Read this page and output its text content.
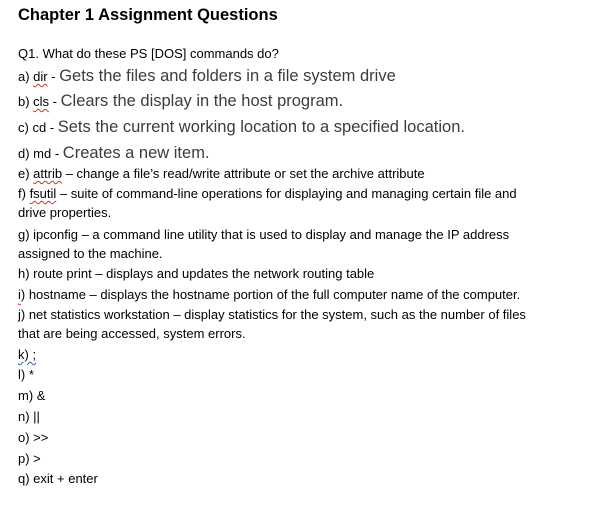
Chapter 1 Assignment Questions
Q1. What do these PS [DOS] commands do?
a) dir - Gets the files and folders in a file system drive
b) cls - Clears the display in the host program.
c) cd - Sets the current working location to a specified location.
d) md - Creates a new item.
e) attrib – change a file’s read/write attribute or set the archive attribute
f) fsutil – suite of command-line operations for displaying and managing certain file and
drive properties.
g) ipconfig – a command line utility that is used to display and manage the IP address
assigned to the machine.
h) route print – displays and updates the network routing table
i) hostname – displays the hostname portion of the full computer name of the computer.
j) net statistics workstation – display statistics for the system, such as the number of files
that are being accessed, system errors.
k) ;
l) *
m) &
n) ||
o) >>
p) >
q) exit + enter
